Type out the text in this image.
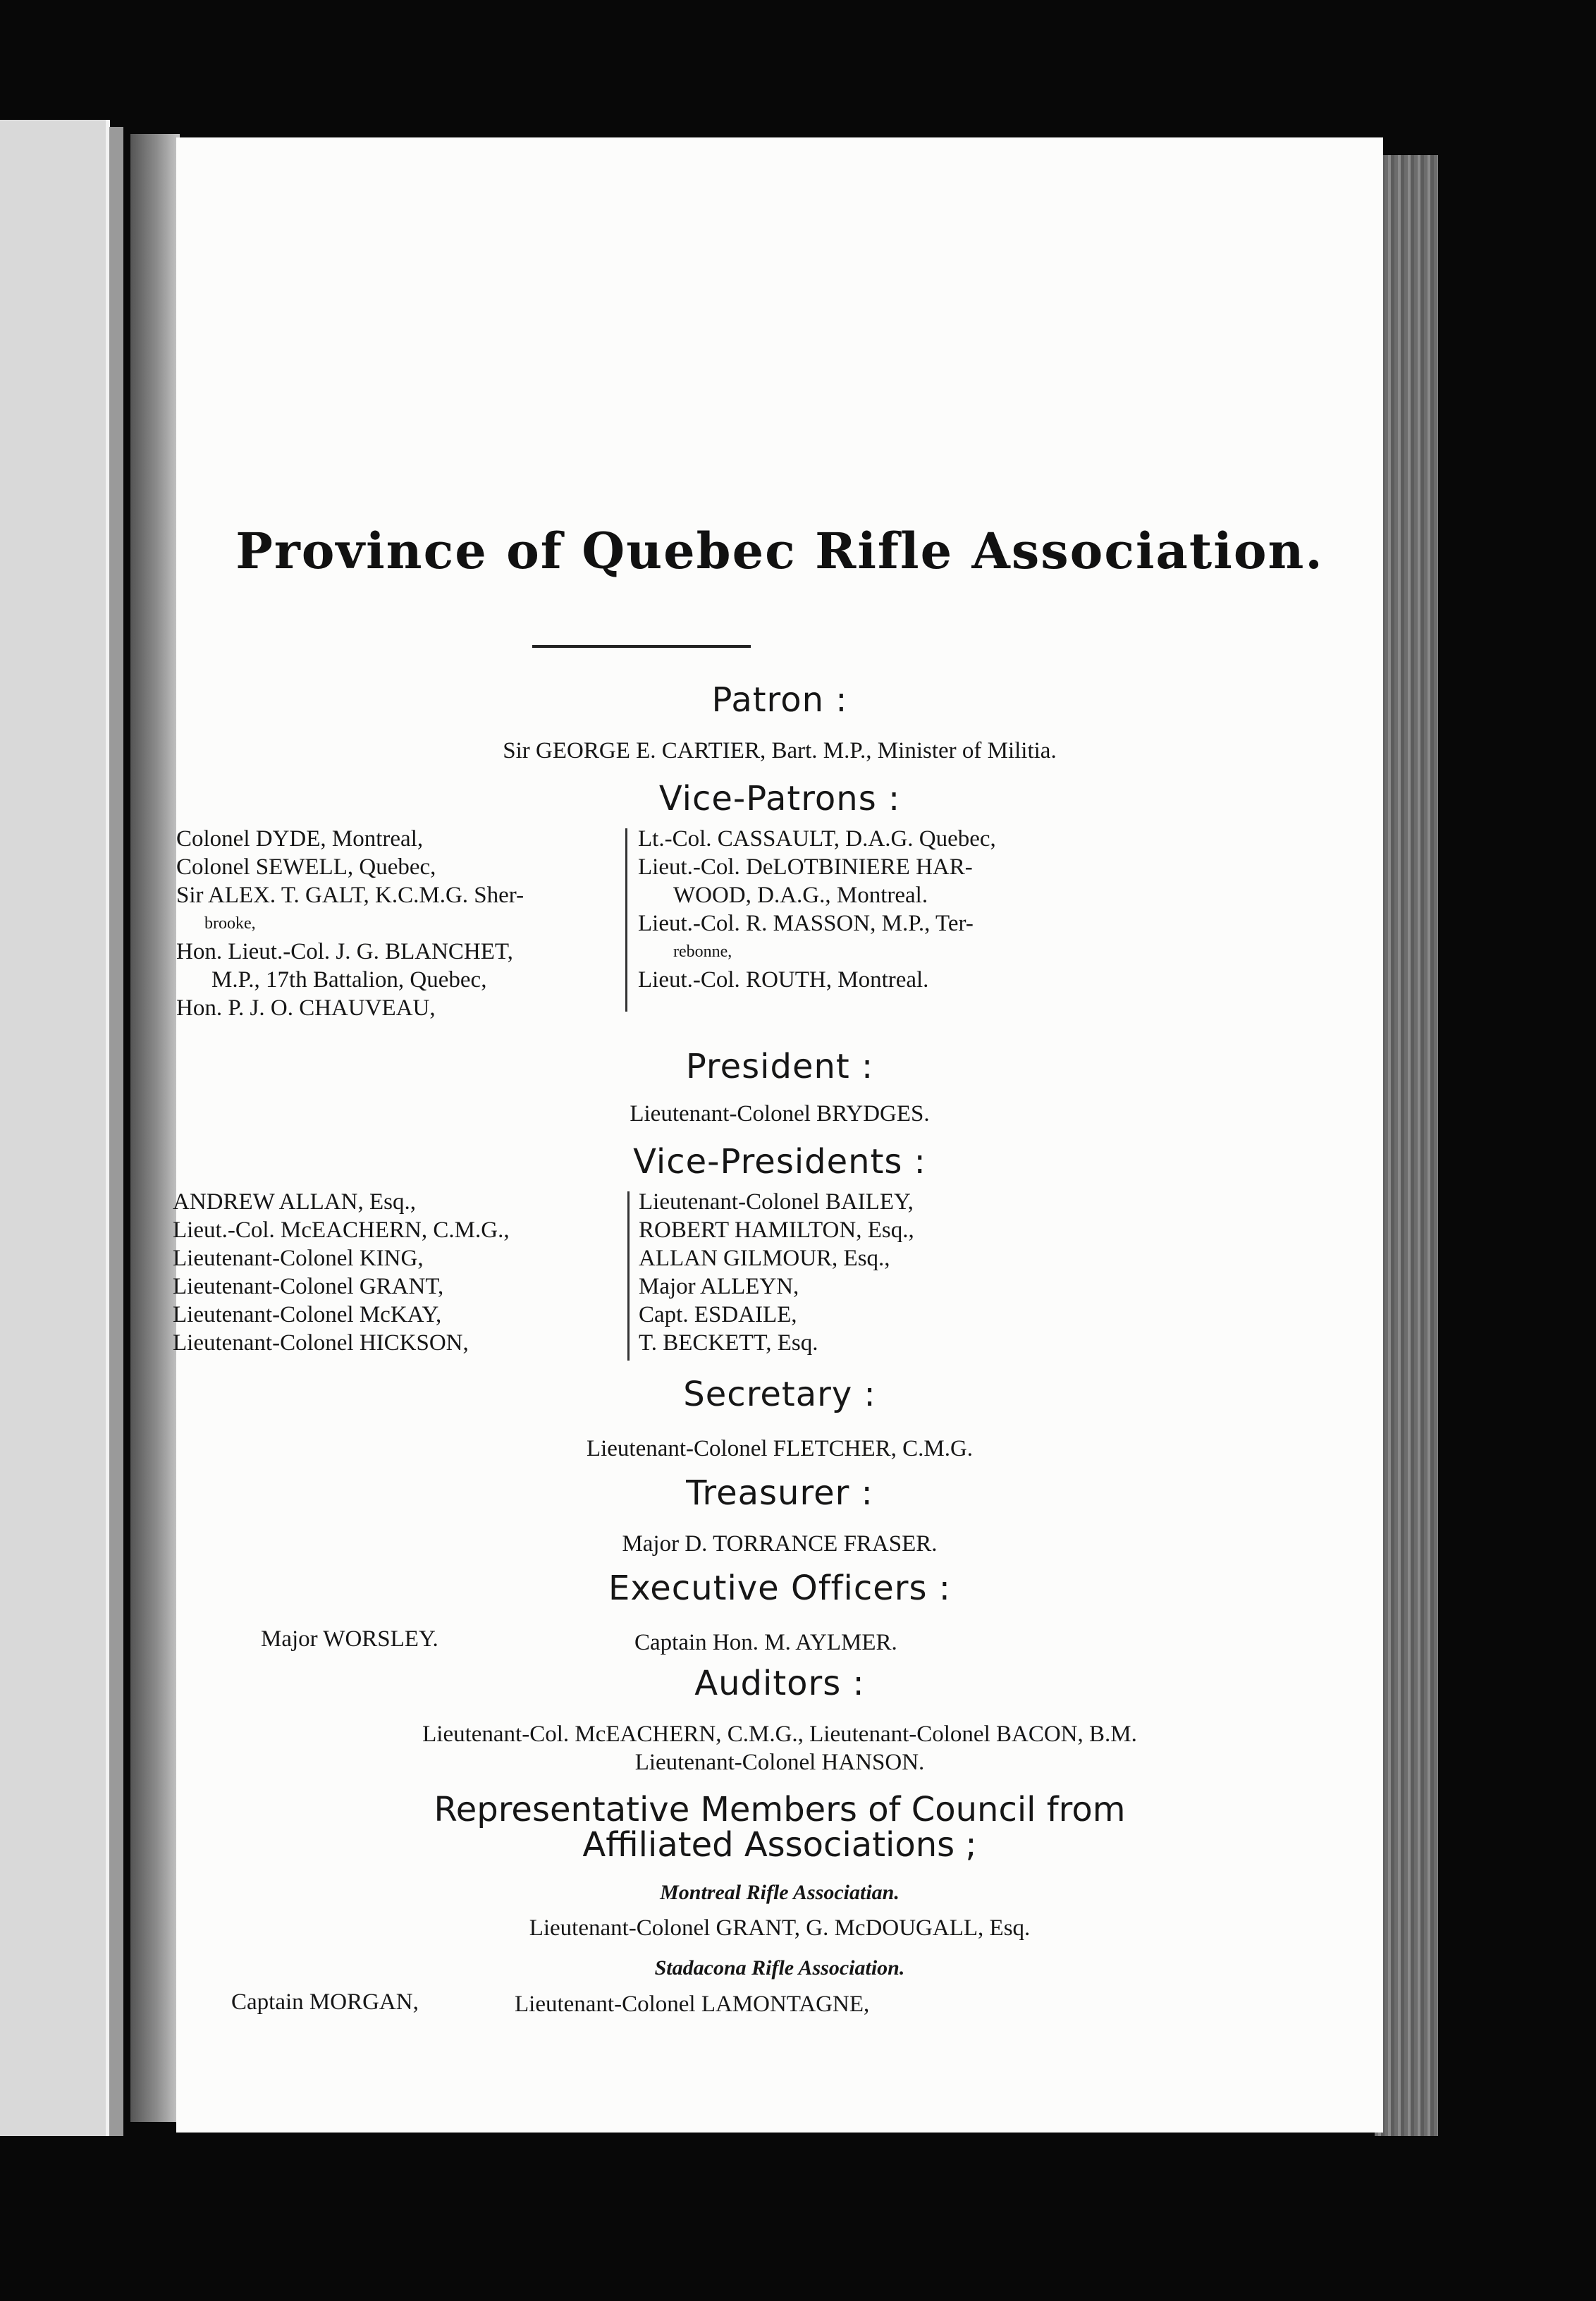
Province of Quebec Rifle Association.
Patron :
Sir GEORGE E. CARTIER, Bart. M.P., Minister of Militia.
Vice-Patrons :
Colonel DYDE, Montreal,
Colonel SEWELL, Quebec,
Sir ALEX. T. GALT, K.C.M.G. Sher-
brooke,
Hon. Lieut.-Col. J. G. BLANCHET,
M.P., 17th Battalion, Quebec,
Hon. P. J. O. CHAUVEAU,
Lt.-Col. CASSAULT, D.A.G. Quebec,
Lieut.-Col. DeLOTBINIERE HAR-
WOOD, D.A.G., Montreal.
Lieut.-Col. R. MASSON, M.P., Ter-
rebonne,
Lieut.-Col. ROUTH, Montreal.
President :
Lieutenant-Colonel BRYDGES.
Vice-Presidents :
ANDREW ALLAN, Esq.,
Lieut.-Col. McEACHERN, C.M.G.,
Lieutenant-Colonel KING,
Lieutenant-Colonel GRANT,
Lieutenant-Colonel McKAY,
Lieutenant-Colonel HICKSON,
Lieutenant-Colonel BAILEY,
ROBERT HAMILTON, Esq.,
ALLAN GILMOUR, Esq.,
Major ALLEYN,
Capt. ESDAILE,
T. BECKETT, Esq.
Secretary :
Lieutenant-Colonel FLETCHER, C.M.G.
Treasurer :
Major D. TORRANCE FRASER.
Executive Officers :
Major WORSLEY.	Captain Hon. M. AYLMER.
Auditors :
Lieutenant-Col. McEACHERN, C.M.G., Lieutenant-Colonel BACON, B.M.
Lieutenant-Colonel HANSON.
Representative Members of Council from
Affiliated Associations ;
Montreal Rifle Associatian.
Lieutenant-Colonel GRANT, G. McDOUGALL, Esq.
Stadacona Rifle Association.
Captain MORGAN,	Lieutenant-Colonel LAMONTAGNE,
